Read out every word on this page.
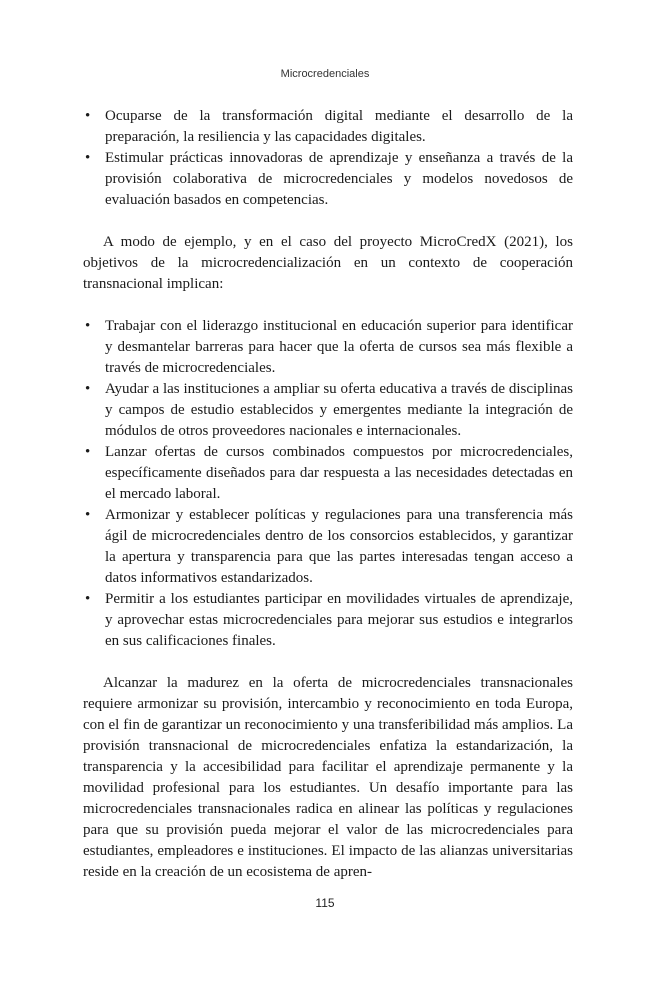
Microcredenciales
• Ocuparse de la transformación digital mediante el desarrollo de la preparación, la resiliencia y las capacidades digitales.
• Estimular prácticas innovadoras de aprendizaje y enseñanza a través de la provisión colaborativa de microcredenciales y modelos novedosos de evaluación basados en competencias.

A modo de ejemplo, y en el caso del proyecto MicroCredX (2021), los objetivos de la microcredencialización en un contexto de cooperación transnacional implican:

• Trabajar con el liderazgo institucional en educación superior para identificar y desmantelar barreras para hacer que la oferta de cursos sea más flexible a través de microcredenciales.
• Ayudar a las instituciones a ampliar su oferta educativa a través de disciplinas y campos de estudio establecidos y emergentes mediante la integración de módulos de otros proveedores nacionales e internacionales.
• Lanzar ofertas de cursos combinados compuestos por microcredenciales, específicamente diseñados para dar respuesta a las necesidades detectadas en el mercado laboral.
• Armonizar y establecer políticas y regulaciones para una transferencia más ágil de microcredenciales dentro de los consorcios establecidos, y garantizar la apertura y transparencia para que las partes interesadas tengan acceso a datos informativos estandarizados.
• Permitir a los estudiantes participar en movilidades virtuales de aprendizaje, y aprovechar estas microcredenciales para mejorar sus estudios e integrarlos en sus calificaciones finales.

Alcanzar la madurez en la oferta de microcredenciales transnacionales requiere armonizar su provisión, intercambio y reconocimiento en toda Europa, con el fin de garantizar un reconocimiento y una transferibilidad más amplios. La provisión transnacional de microcredenciales enfatiza la estandarización, la transparencia y la accesibilidad para facilitar el aprendizaje permanente y la movilidad profesional para los estudiantes. Un desafío importante para las microcredenciales transnacionales radica en alinear las políticas y regulaciones para que su provisión pueda mejorar el valor de las microcredenciales para estudiantes, empleadores e instituciones. El impacto de las alianzas universitarias reside en la creación de un ecosistema de apren-

115
